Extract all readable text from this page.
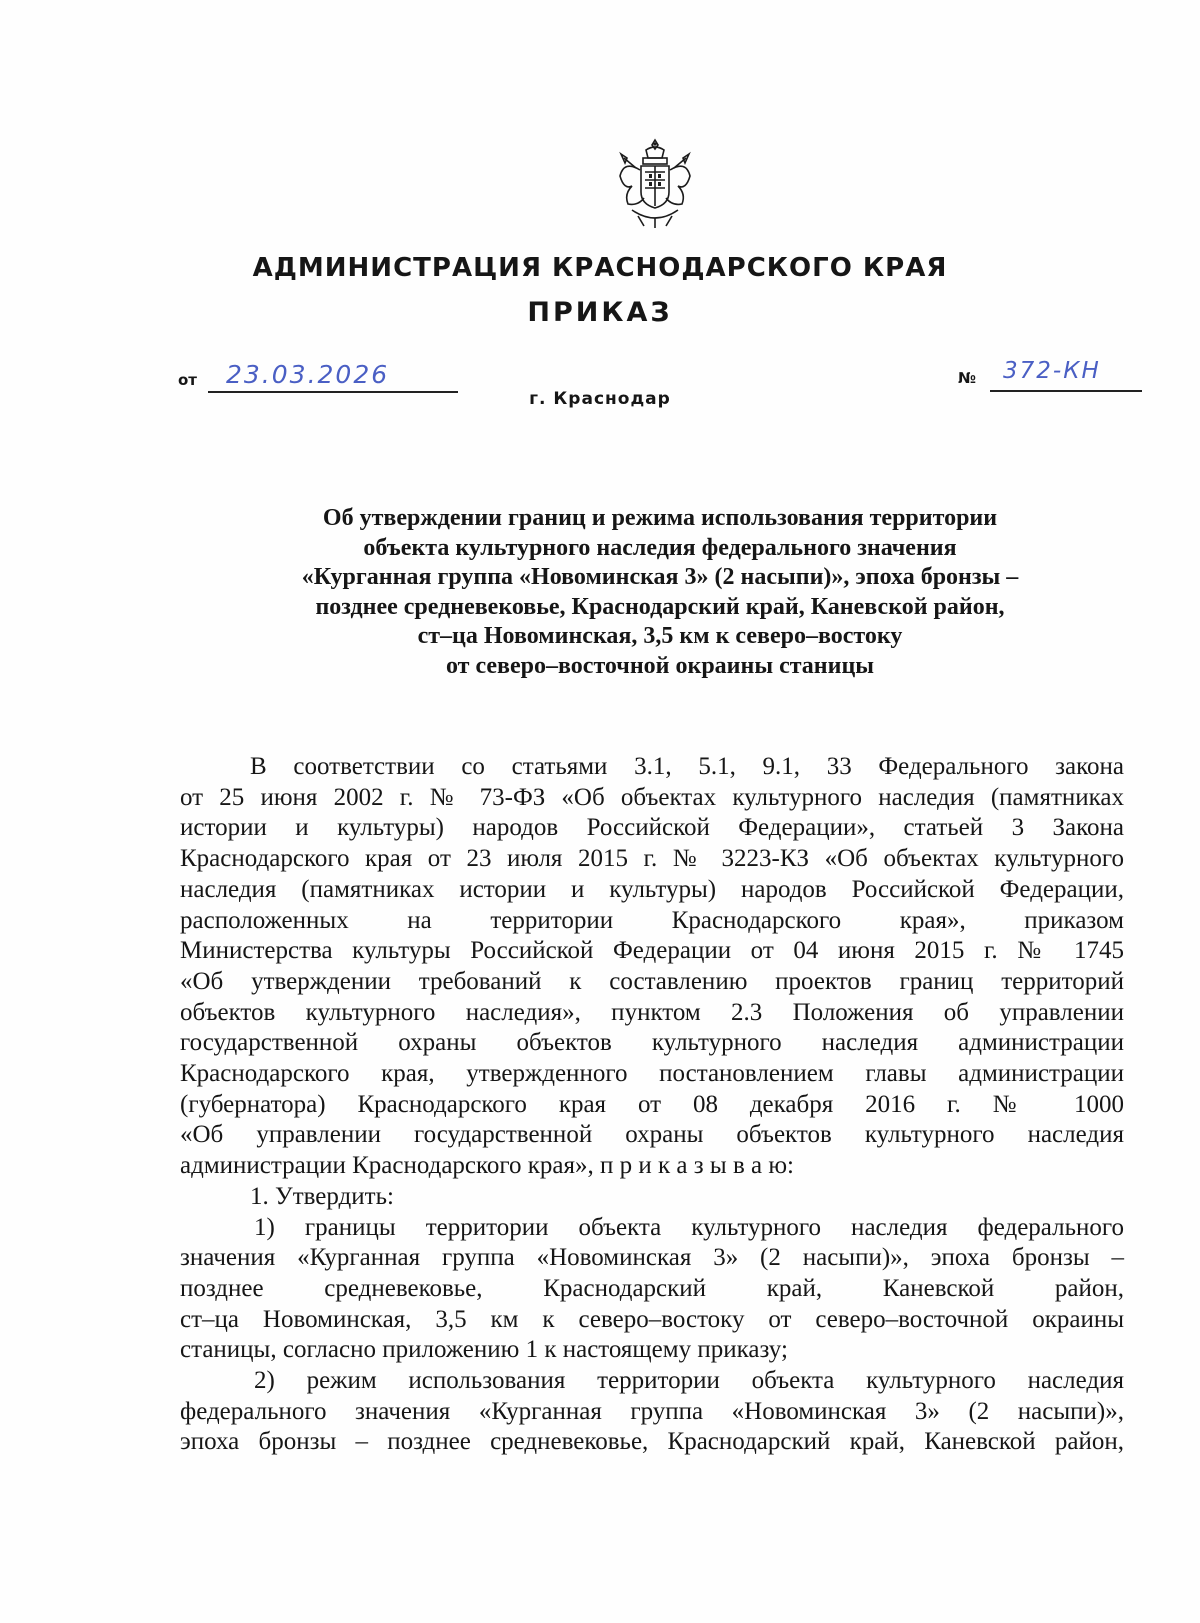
АДМИНИСТРАЦИЯ КРАСНОДАРСКОГО КРАЯ
ПРИКАЗ
от 23.03.2026	№ 372-КН
г. Краснодар
Об утверждении границ и режима использования территории
объекта культурного наследия федерального значения
«Курганная группа «Новоминская 3» (2 насыпи)», эпоха бронзы –
позднее средневековье, Краснодарский край, Каневской район,
ст–ца Новоминская, 3,5 км к северо–востоку
от северо–восточной окраины станицы
В соответствии со статьями 3.1, 5.1, 9.1, 33 Федерального закона
от 25 июня 2002 г. № 73-ФЗ «Об объектах культурного наследия (памятниках
истории и культуры) народов Российской Федерации», статьей 3 Закона
Краснодарского края от 23 июля 2015 г. № 3223-КЗ «Об объектах культурного
наследия (памятниках истории и культуры) народов Российской Федерации,
расположенных на территории Краснодарского края», приказом
Министерства культуры Российской Федерации от 04 июня 2015 г. № 1745
«Об утверждении требований к составлению проектов границ территорий
объектов культурного наследия», пунктом 2.3 Положения об управлении
государственной охраны объектов культурного наследия администрации
Краснодарского края, утвержденного постановлением главы администрации
(губернатора) Краснодарского края от 08 декабря 2016 г. № 1000
«Об управлении государственной охраны объектов культурного наследия
администрации Краснодарского края», п р и к а з ы в а ю:
1. Утвердить:
1) границы территории объекта культурного наследия федерального
значения «Курганная группа «Новоминская 3» (2 насыпи)», эпоха бронзы –
позднее средневековье, Краснодарский край, Каневской район,
ст–ца Новоминская, 3,5 км к северо–востоку от северо–восточной окраины
станицы, согласно приложению 1 к настоящему приказу;
2) режим использования территории объекта культурного наследия
федерального значения «Курганная группа «Новоминская 3» (2 насыпи)»,
эпоха бронзы – позднее средневековье, Краснодарский край, Каневской район,
